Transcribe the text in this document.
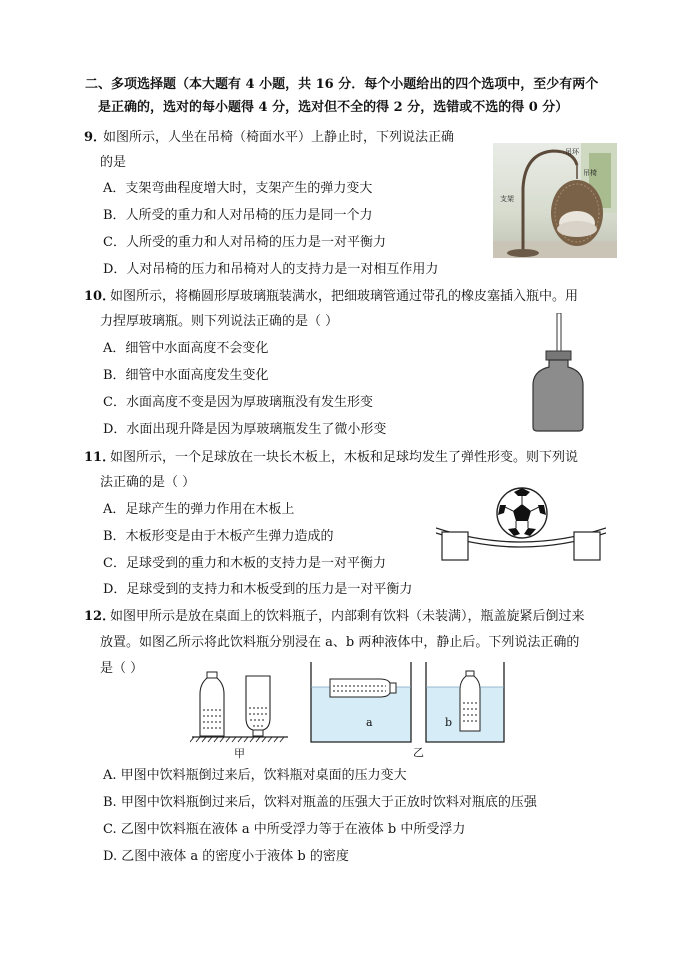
二、多项选择题（本大题有 4 小题，共 16 分．每个小题给出的四个选项中，至少有两个
是正确的，选对的每小题得 4 分，选对但不全的得 2 分，选错或不选的得 0 分）
9．
如图所示，人坐在吊椅（椅面水平）上静止时，下列说法正确
的是
A．支架弯曲程度增大时，支架产生的弹力变大
B．人所受的重力和人对吊椅的压力是同一个力
C．人所受的重力和人对吊椅的压力是一对平衡力
D．人对吊椅的压力和吊椅对人的支持力是一对相互作用力
吊环
吊椅
支架
10．
如图所示，将椭圆形厚玻璃瓶装满水，把细玻璃管通过带孔的橡皮塞插入瓶中。用
力捏厚玻璃瓶。则下列说法正确的是（ ）
A．细管中水面高度不会变化
B．细管中水面高度发生变化
C．水面高度不变是因为厚玻璃瓶没有发生形变
D．水面出现升降是因为厚玻璃瓶发生了微小形变
11．
如图所示，一个足球放在一块长木板上，木板和足球均发生了弹性形变。则下列说
法正确的是（ ）
A．足球产生的弹力作用在木板上
B．木板形变是由于木板产生弹力造成的
C．足球受到的重力和木板的支持力是一对平衡力
D．足球受到的支持力和木板受到的压力是一对平衡力
12．
如图甲所示是放在桌面上的饮料瓶子，内部剩有饮料（未装满），瓶盖旋紧后倒过来
放置。如图乙所示将此饮料瓶分别浸在 a、b 两种液体中，静止后。下列说法正确的
是（ ）
甲
a	b
乙
A. 甲图中饮料瓶倒过来后，饮料瓶对桌面的压力变大
B. 甲图中饮料瓶倒过来后，饮料对瓶盖的压强大于正放时饮料对瓶底的压强
C. 乙图中饮料瓶在液体 a 中所受浮力等于在液体 b 中所受浮力
D. 乙图中液体 a 的密度小于液体 b 的密度
